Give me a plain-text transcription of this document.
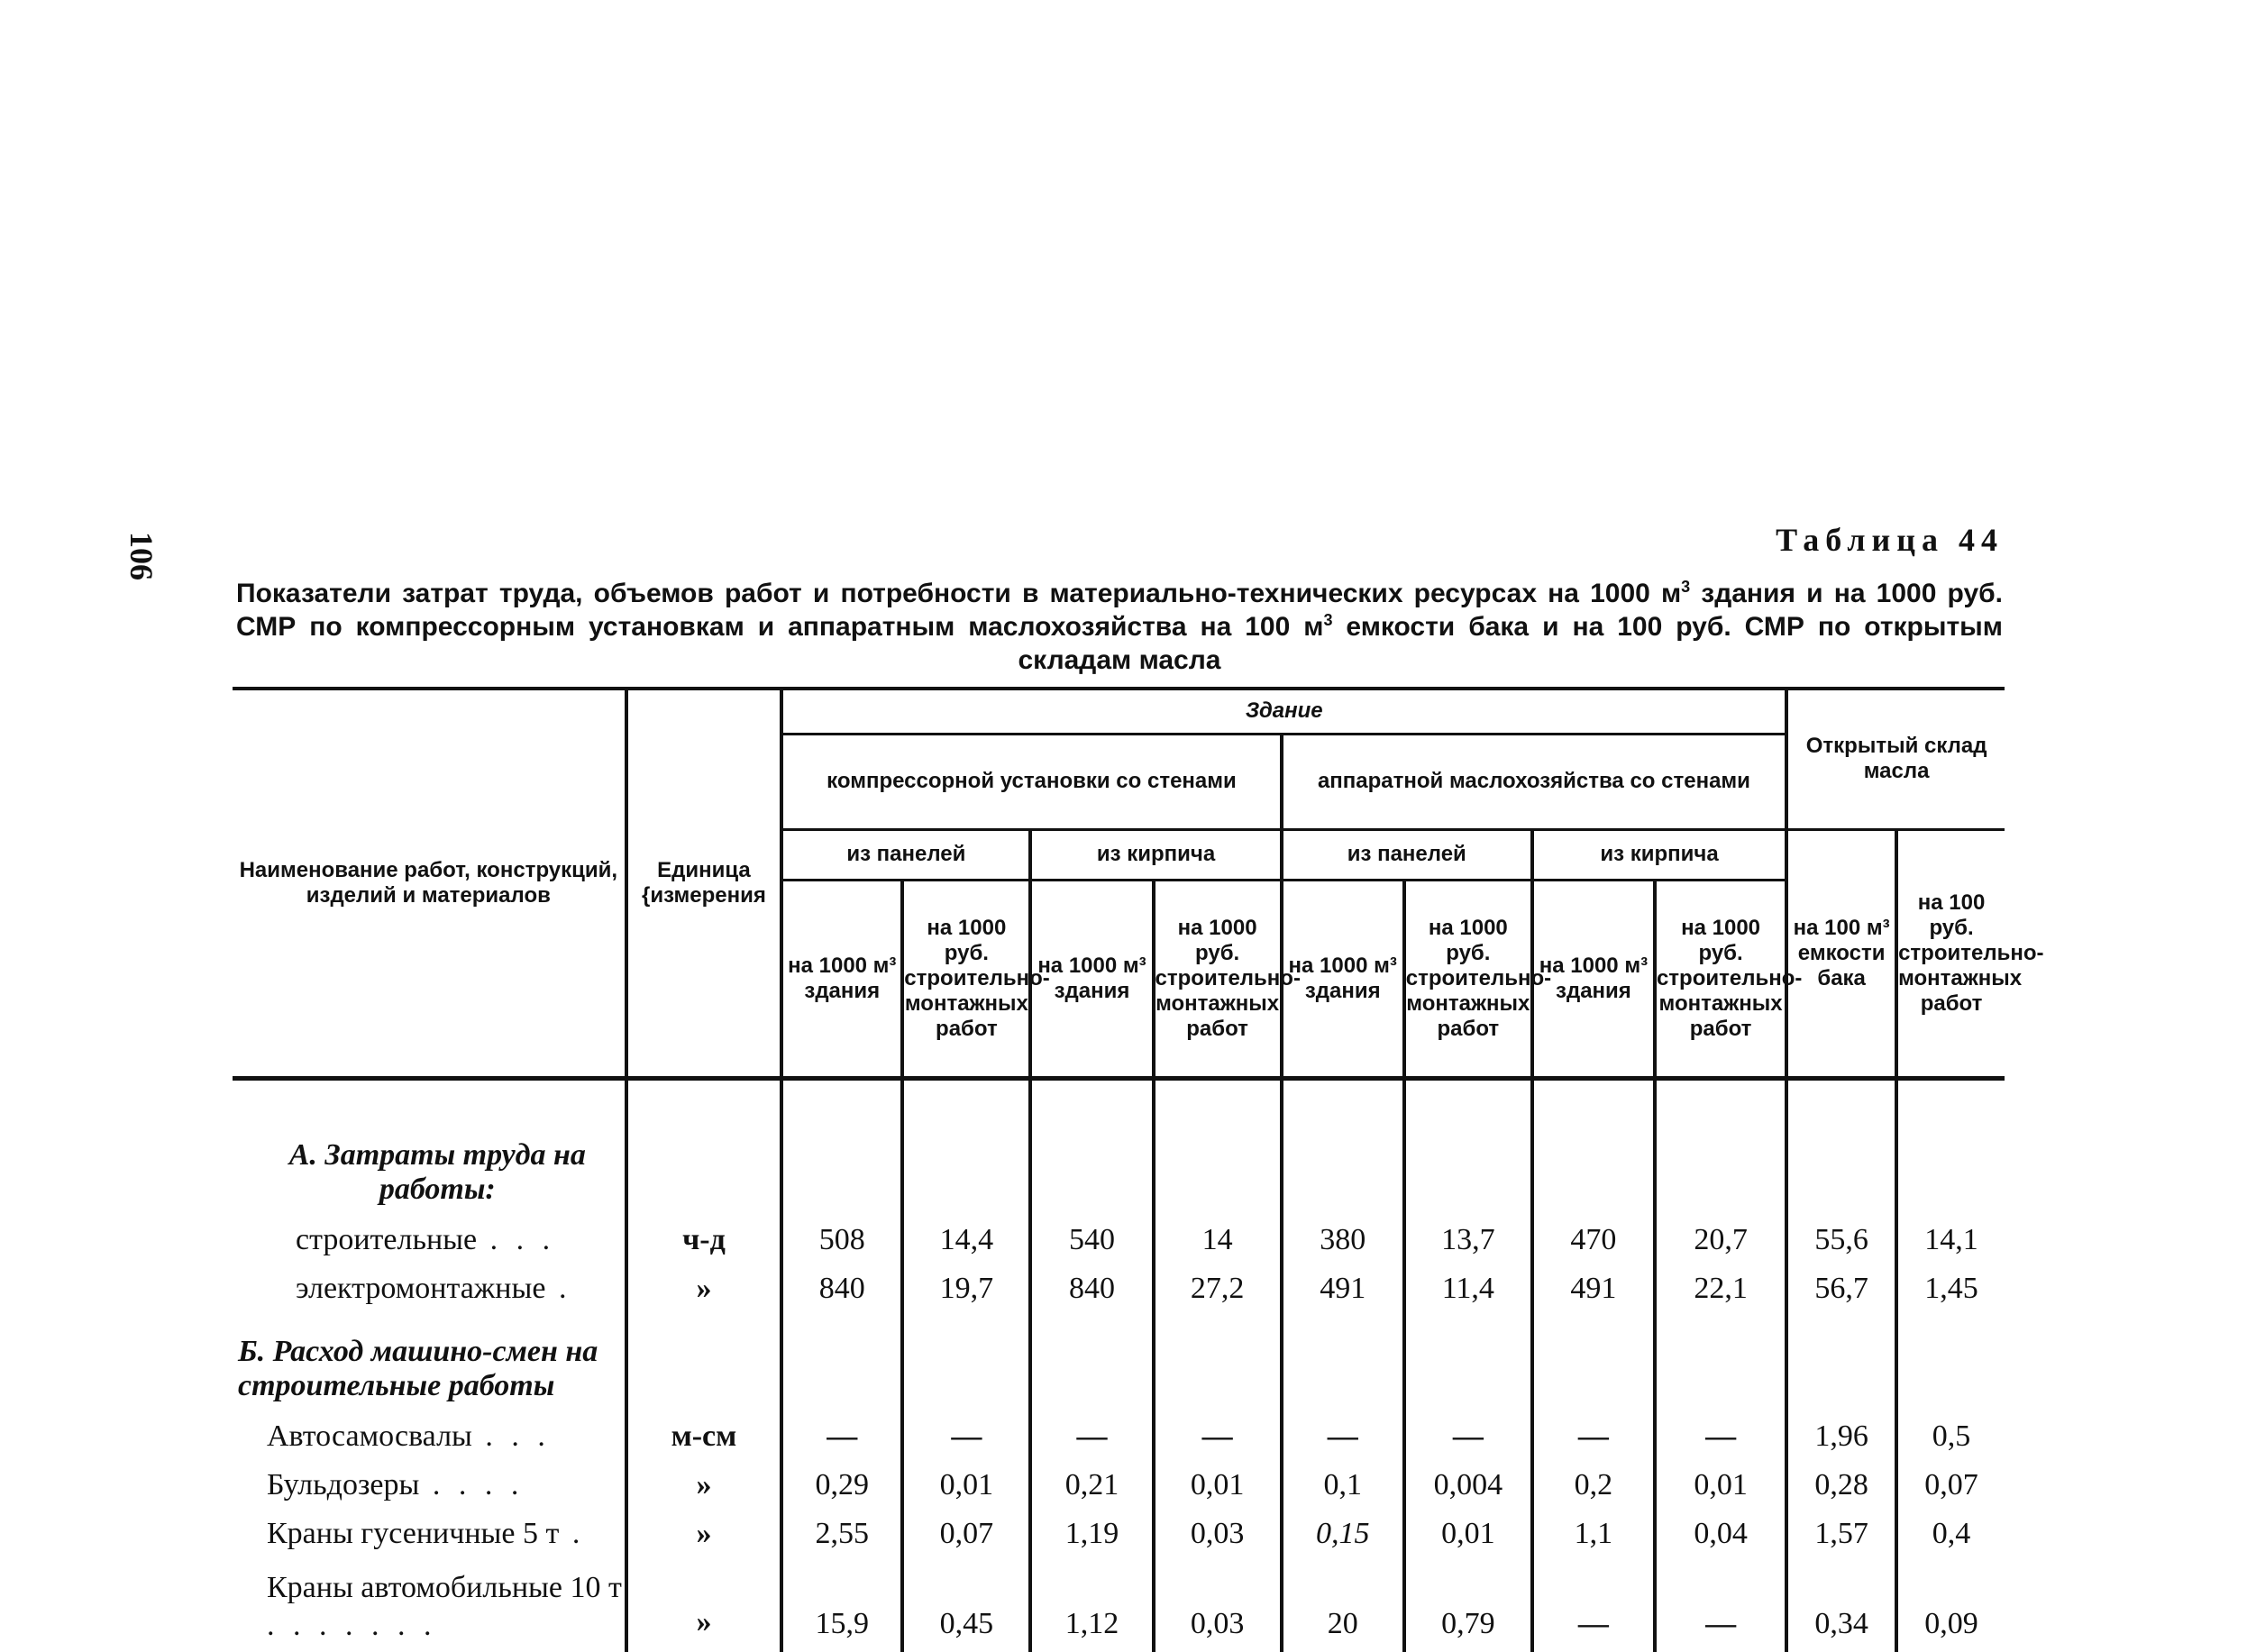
106	Таблица 44
Показатели затрат труда, объемов работ и потребности в материально-технических ресурсах на 1000 $м^3$ здания и на 1000 руб. СМР по компрессорным установкам и аппаратным маслохозяйства на 100 $м^3$ емкости бака и на 100 руб. СМР по открытым складам масла
Наименование работ, конструкций, изделий и материалов	Единица {измерения	Здание								Открытый склад масла	
		компрессорной установки со стенами				аппаратной маслохозяйства со стенами					
		из панелей		из кирпича		из панелей		из кирпича		на 100 м³ емкости бака	на 100 руб. строительно-монтажных работ
		на 1000 м³ здания	на 1000 руб. строительно-монтажных работ	на 1000 м³ здания	на 1000 руб. строительно-монтажных работ	на 1000 м³ здания	на 1000 руб. строительно-монтажных работ	на 1000 м³ здания	на 1000 руб. строительно-монтажных работ		

А. Затраты труда на работы:											
строительные . . .	ч-д	508	14,4	540	14	380	13,7	470	20,7	55,6	14,1
электромонтажные .	»	840	19,7	840	27,2	491	11,4	491	22,1	56,7	1,45
Б. Расход машино-смен на строительные работы											
Автосамосвалы . . .	м-см	—	—	—	—	—	—	—	—	1,96	0,5
Бульдозеры . . . .	»	0,29	0,01	0,21	0,01	0,1	0,004	0,2	0,01	0,28	0,07
Краны гусеничные 5 т .	»	2,55	0,07	1,19	0,03	0,15	0,01	1,1	0,04	1,57	0,4
Краны автомобильные 10 т . . . . . . .	»	15,9	0,45	1,12	0,03	20	0,79	—	—	0,34	0,09
